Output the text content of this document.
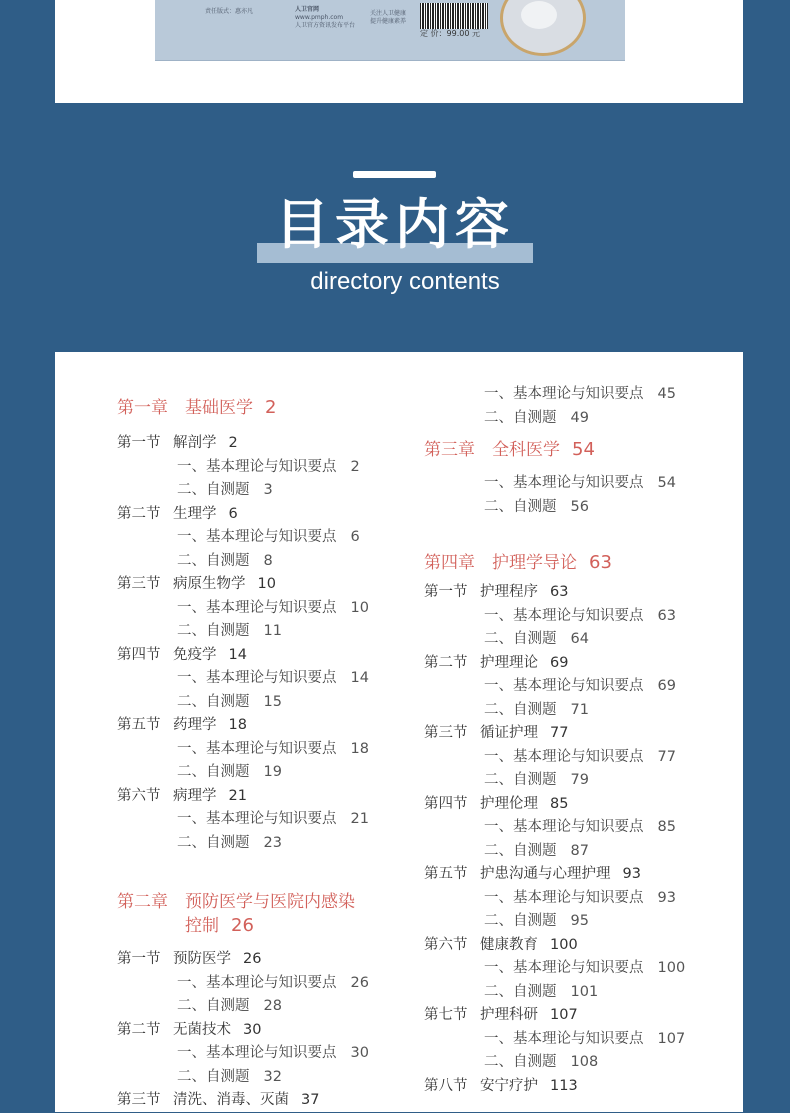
责任版式：惠亦凡	人卫官网
www.pmph.com
人卫官方资讯发布平台
关注人卫健康
提升健康素养
定 价：99.00 元
目录内容
directory contents
第一章 基础医学 2
第一节 解剖学 2
一、基本理论与知识要点 2
二、自测题 3
第二节 生理学 6
一、基本理论与知识要点 6
二、自测题 8
第三节 病原生物学 10
一、基本理论与知识要点 10
二、自测题 11
第四节 免疫学 14
一、基本理论与知识要点 14
二、自测题 15
第五节 药理学 18
一、基本理论与知识要点 18
二、自测题 19
第六节 病理学 21
一、基本理论与知识要点 21
二、自测题 23
第二章 预防医学与医院内感染
控制 26
第一节 预防医学 26
一、基本理论与知识要点 26
二、自测题 28
第二节 无菌技术 30
一、基本理论与知识要点 30
二、自测题 32
第三节 清洗、消毒、灭菌 37
一、基本理论与知识要点 45
二、自测题 49
第三章 全科医学 54
一、基本理论与知识要点 54
二、自测题 56
第四章 护理学导论 63
第一节 护理程序 63
一、基本理论与知识要点 63
二、自测题 64
第二节 护理理论 69
一、基本理论与知识要点 69
二、自测题 71
第三节 循证护理 77
一、基本理论与知识要点 77
二、自测题 79
第四节 护理伦理 85
一、基本理论与知识要点 85
二、自测题 87
第五节 护患沟通与心理护理 93
一、基本理论与知识要点 93
二、自测题 95
第六节 健康教育 100
一、基本理论与知识要点 100
二、自测题 101
第七节 护理科研 107
一、基本理论与知识要点 107
二、自测题 108
第八节 安宁疗护 113
